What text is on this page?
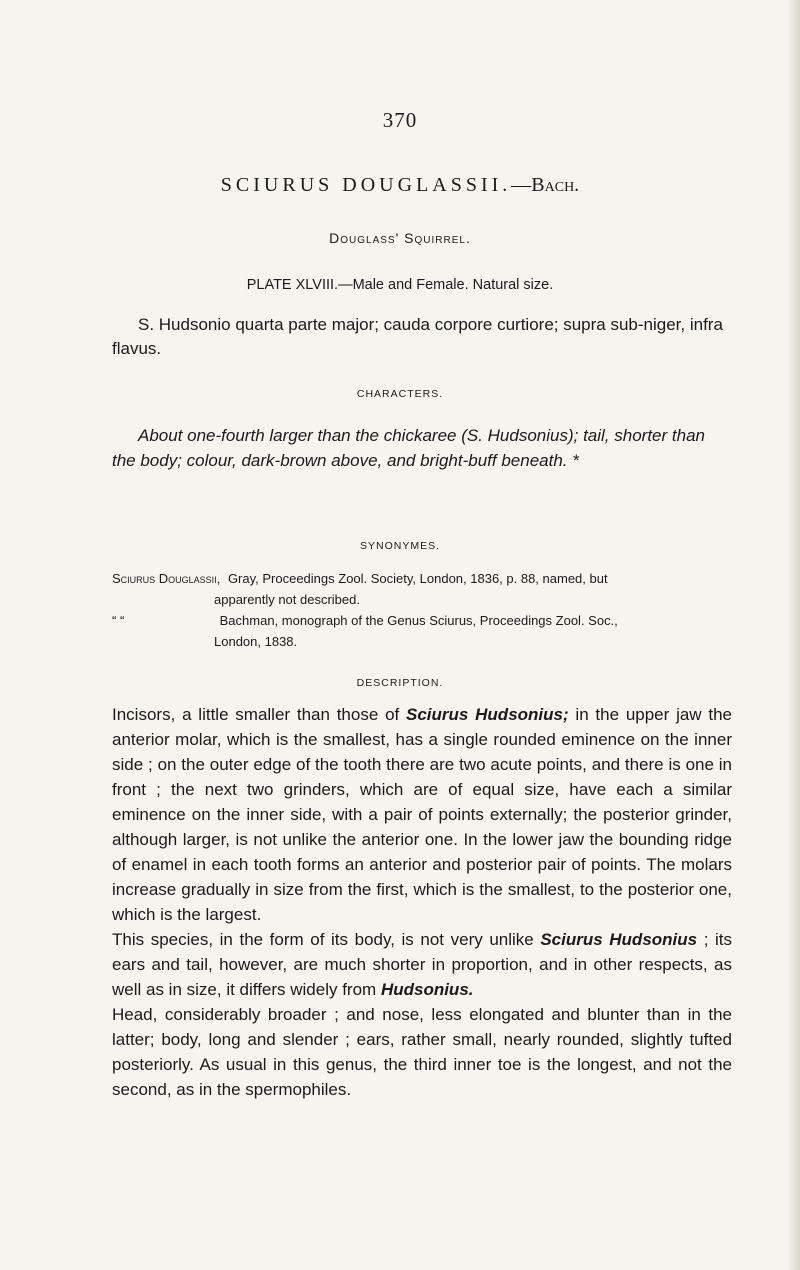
370
SCIURUS DOUGLASSII.—Bach.
Douglass' Squirrel.
PLATE XLVIII.—Male and Female. Natural size.
S. Hudsonio quarta parte major; cauda corpore curtiore; supra sub-niger, infra flavus.
CHARACTERS.
About one-fourth larger than the chickaree (S. Hudsonius); tail, shorter than the body; colour, dark-brown above, and bright-buff beneath. *
SYNONYMES.
Sciurus Douglassii, Gray, Proceedings Zool. Society, London, 1836, p. 88, named, but
apparently not described.
“ “	Bachman, monograph of the Genus Sciurus, Proceedings Zool. Soc.,
London, 1838.
DESCRIPTION.

Incisors, a little smaller than those of Sciurus Hudsonius; in the upper jaw the anterior molar, which is the smallest, has a single rounded eminence on the inner side ; on the outer edge of the tooth there are two acute points, and there is one in front ; the next two grinders, which are of equal size, have each a similar eminence on the inner side, with a pair of points externally; the posterior grinder, although larger, is not unlike the anterior one. In the lower jaw the bounding ridge of enamel in each tooth forms an anterior and posterior pair of points. The molars increase gradually in size from the first, which is the smallest, to the posterior one, which is the largest.

This species, in the form of its body, is not very unlike Sciurus Hudsonius ; its ears and tail, however, are much shorter in proportion, and in other respects, as well as in size, it differs widely from Hudsonius.

Head, considerably broader ; and nose, less elongated and blunter than in the latter; body, long and slender ; ears, rather small, nearly rounded, slightly tufted posteriorly. As usual in this genus, the third inner toe is the longest, and not the second, as in the spermophiles.
